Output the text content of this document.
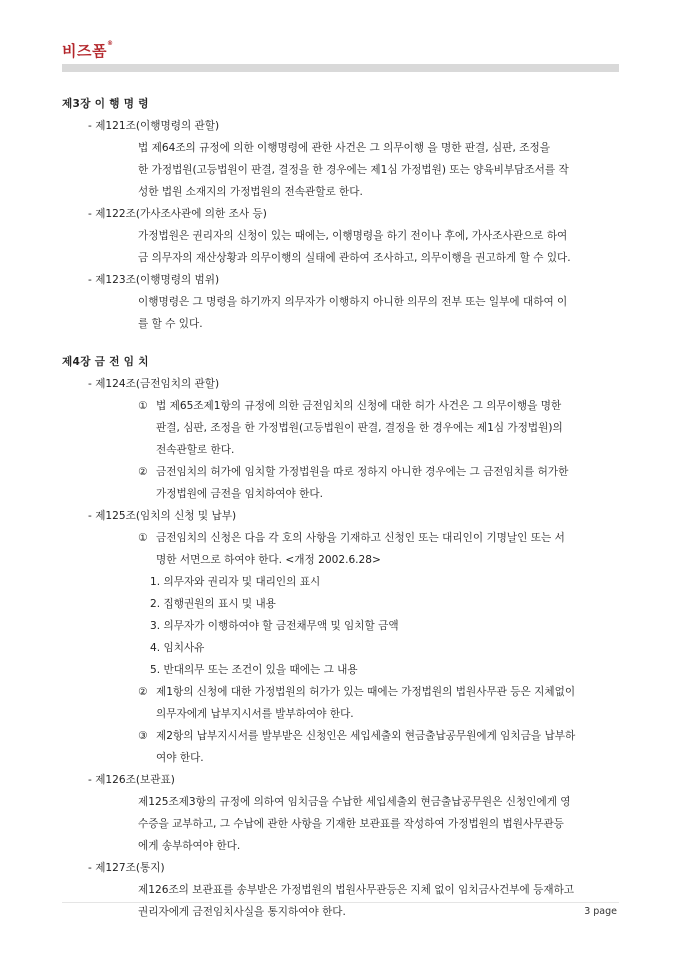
비즈폼®
제3장 이 행 명 령
- 제121조(이행명령의 관할)
법 제64조의 규정에 의한 이행명령에 관한 사건은 그 의무이행 을 명한 판결, 심판, 조정을
한 가정법원(고등법원이 판결, 결정을 한 경우에는 제1심 가정법원) 또는 양육비부담조서를 작
성한 법원 소재지의 가정법원의 전속관할로 한다.
- 제122조(가사조사관에 의한 조사 등)
가정법원은 권리자의 신청이 있는 때에는, 이행명령을 하기 전이나 후에, 가사조사관으로 하여
금 의무자의 재산상황과 의무이행의 실태에 관하여 조사하고, 의무이행을 권고하게 할 수 있다.
- 제123조(이행명령의 범위)
이행명령은 그 명령을 하기까지 의무자가 이행하지 아니한 의무의 전부 또는 일부에 대하여 이
를 할 수 있다.
제4장 금 전 임 치
- 제124조(금전임치의 관할)
① 법 제65조제1항의 규정에 의한 금전임치의 신청에 대한 허가 사건은 그 의무이행을 명한
판결, 심판, 조정을 한 가정법원(고등법원이 판결, 결정을 한 경우에는 제1심 가정법원)의
전속관할로 한다.
② 금전임치의 허가에 임치할 가정법원을 따로 정하지 아니한 경우에는 그 금전임치를 허가한
가정법원에 금전을 임치하여야 한다.
- 제125조(임치의 신청 및 납부)
① 금전임치의 신청은 다음 각 호의 사항을 기재하고 신청인 또는 대리인이 기명날인 또는 서
명한 서면으로 하여야 한다. <개정 2002.6.28>
1. 의무자와 권리자 및 대리인의 표시
2. 집행권원의 표시 및 내용
3. 의무자가 이행하여야 할 금전채무액 및 임치할 금액
4. 임치사유
5. 반대의무 또는 조건이 있을 때에는 그 내용
② 제1항의 신청에 대한 가정법원의 허가가 있는 때에는 가정법원의 법원사무관 등은 지체없이
의무자에게 납부지시서를 발부하여야 한다.
③ 제2항의 납부지시서를 발부받은 신청인은 세입세출외 현금출납공무원에게 임치금을 납부하
여야 한다.
- 제126조(보관표)
제125조제3항의 규정에 의하여 임치금을 수납한 세입세출외 현금출납공무원은 신청인에게 영
수증을 교부하고, 그 수납에 관한 사항을 기재한 보관표를 작성하여 가정법원의 법원사무관등
에게 송부하여야 한다.
- 제127조(통지)
제126조의 보관표를 송부받은 가정법원의 법원사무관등은 지체 없이 임치금사건부에 등재하고
권리자에게 금전임치사실을 통지하여야 한다.	3 page
